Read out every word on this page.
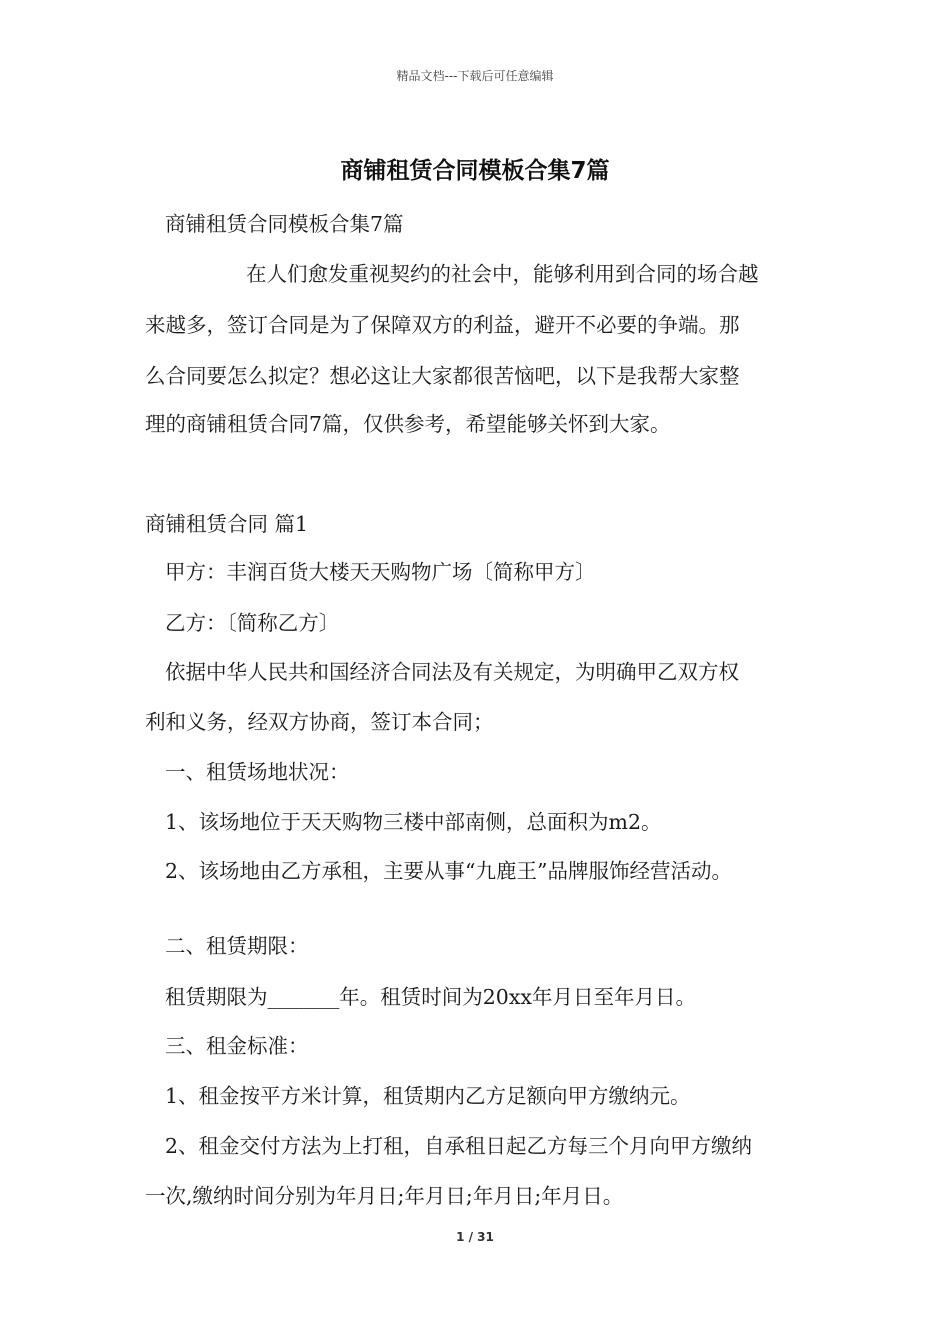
精品文档---下载后可任意编辑
商铺租赁合同模板合集7篇
商铺租赁合同模板合集7篇
在人们愈发重视契约的社会中，能够利用到合同的场合越
来越多，签订合同是为了保障双方的利益，避开不必要的争端。那
么合同要怎么拟定？想必这让大家都很苦恼吧，以下是我帮大家整
理的商铺租赁合同7篇，仅供参考，希望能够关怀到大家。
商铺租赁合同 篇1
甲方：丰润百货大楼天天购物广场〔简称甲方〕
乙方：〔简称乙方〕
依据中华人民共和国经济合同法及有关规定，为明确甲乙双方权
利和义务，经双方协商，签订本合同；
一、租赁场地状况：
1、该场地位于天天购物三楼中部南侧，总面积为m2。
2、该场地由乙方承租，主要从事“九鹿王”品牌服饰经营活动。
二、租赁期限：
租赁期限为_______年。租赁时间为20xx年月日至年月日。
三、租金标准：
1、租金按平方米计算，租赁期内乙方足额向甲方缴纳元。
2、租金交付方法为上打租，自承租日起乙方每三个月向甲方缴纳
一次,缴纳时间分别为年月日;年月日;年月日;年月日。
1 / 31
